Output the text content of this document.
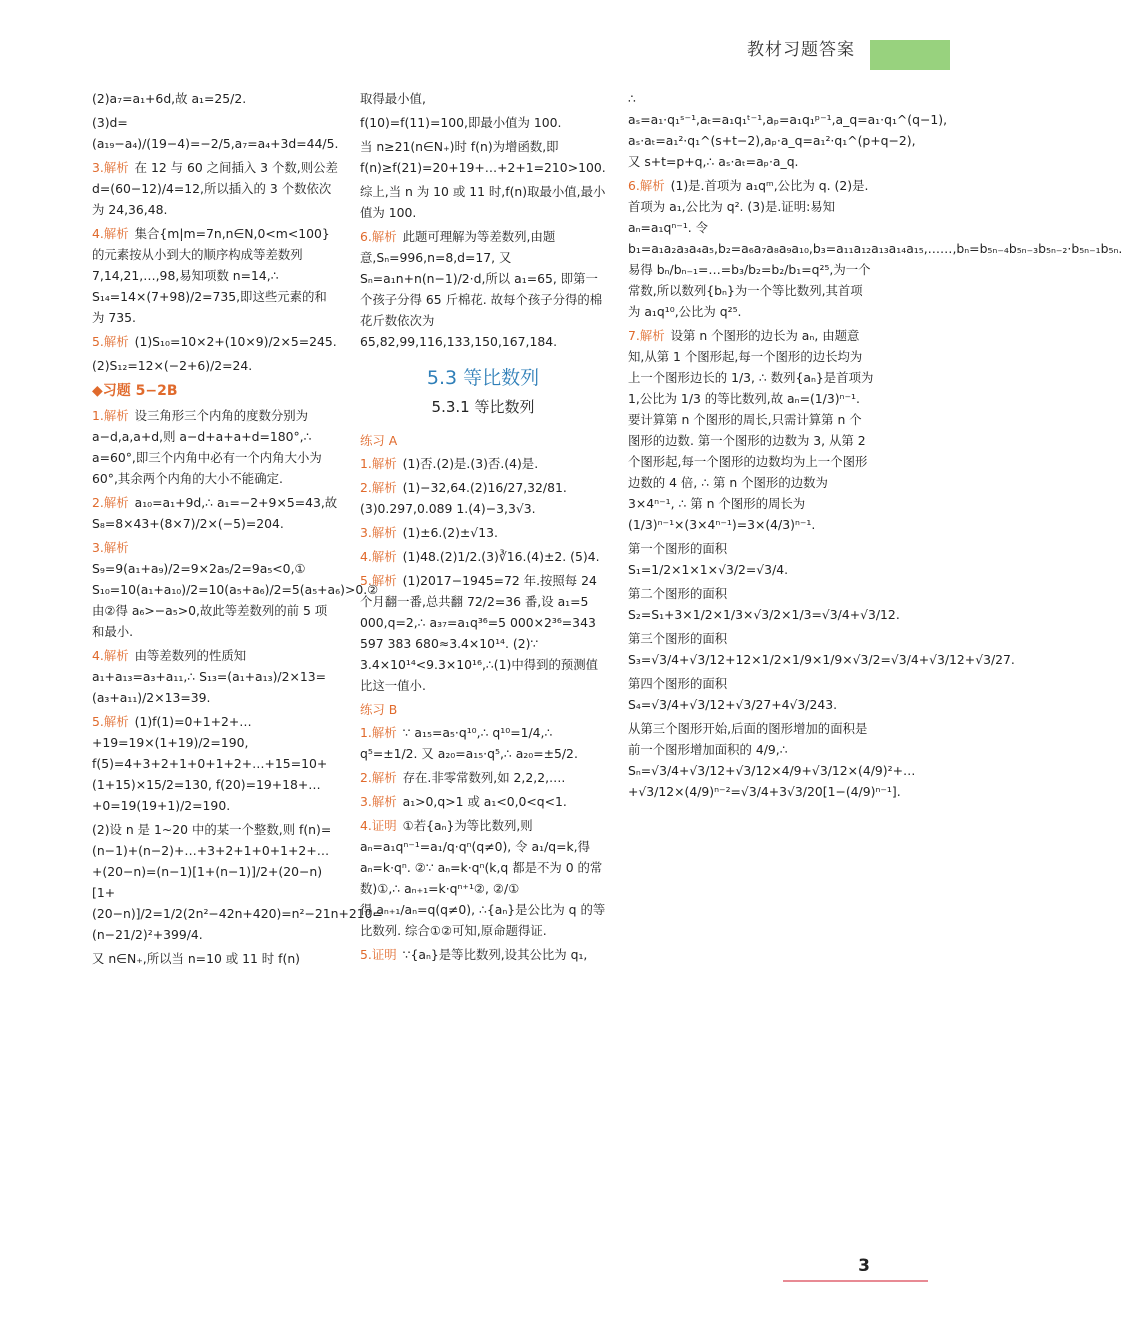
教材习题答案
(2)a₇=a₁+6d,故 a₁=25/2.
(3)d=(a₁₉−a₄)/(19−4)=−2/5,a₇=a₄+3d=44/5.
3.解析 在 12 与 60 之间插入 3 个数,则公差 d=(60−12)/4=12,所以插入的 3 个数依次为 24,36,48.
4.解析 集合{m|m=7n,n∈N,0<m<100}的元素按从小到大的顺序构成等差数列 7,14,21,…,98,易知项数 n=14,∴ S₁₄=14×(7+98)/2=735,即这些元素的和为 735.
5.解析 (1)S₁₀=10×2+(10×9)/2×5=245.
(2)S₁₂=12×(−2+6)/2=24.
◆习题 5−2B
1.解析 设三角形三个内角的度数分别为 a−d,a,a+d,则 a−d+a+a+d=180°,∴ a=60°,即三个内角中必有一个内角大小为 60°,其余两个内角的大小不能确定.
2.解析 a₁₀=a₁+9d,∴ a₁=−2+9×5=43,故 S₈=8×43+(8×7)/2×(−5)=204.
3.解析S₉=9(a₁+a₉)/2=9×2a₅/2=9a₅<0,① S₁₀=10(a₁+a₁₀)/2=10(a₅+a₆)/2=5(a₅+a₆)>0.② 由②得 a₆>−a₅>0,故此等差数列的前 5 项和最小.
4.解析 由等差数列的性质知 a₁+a₁₃=a₃+a₁₁,∴ S₁₃=(a₁+a₁₃)/2×13=(a₃+a₁₁)/2×13=39.
5.解析 (1)f(1)=0+1+2+…+19=19×(1+19)/2=190, f(5)=4+3+2+1+0+1+2+…+15=10+(1+15)×15/2=130, f(20)=19+18+…+0=19(19+1)/2=190.
(2)设 n 是 1~20 中的某一个整数,则 f(n)=(n−1)+(n−2)+…+3+2+1+0+1+2+…+(20−n)=(n−1)[1+(n−1)]/2+(20−n)[1+(20−n)]/2=1/2(2n²−42n+420)=n²−21n+210=(n−21/2)²+399/4.
又 n∈N₊,所以当 n=10 或 11 时 f(n)
取得最小值,
f(10)=f(11)=100,即最小值为 100.
当 n≥21(n∈N₊)时 f(n)为增函数,即 f(n)≥f(21)=20+19+…+2+1=210>100.
综上,当 n 为 10 或 11 时,f(n)取最小值,最小值为 100.
6.解析 此题可理解为等差数列,由题意,Sₙ=996,n=8,d=17, 又 Sₙ=a₁n+n(n−1)/2·d,所以 a₁=65, 即第一个孩子分得 65 斤棉花. 故每个孩子分得的棉花斤数依次为 65,82,99,116,133,150,167,184.
5.3 等比数列
5.3.1 等比数列
练习 A
1.解析 (1)否.(2)是.(3)否.(4)是.
2.解析 (1)−32,64.(2)16/27,32/81. (3)0.297,0.089 1.(4)−3,3√3.
3.解析 (1)±6.(2)±√13.
4.解析 (1)48.(2)1/2.(3)∛16.(4)±2. (5)4.
5.解析 (1)2017−1945=72 年.按照每 24 个月翻一番,总共翻 72/2=36 番,设 a₁=5 000,q=2,∴ a₃₇=a₁q³⁶=5 000×2³⁶=343 597 383 680≈3.4×10¹⁴. (2)∵ 3.4×10¹⁴<9.3×10¹⁶,∴(1)中得到的预测值比这一值小.
练习 B
1.解析 ∵ a₁₅=a₅·q¹⁰,∴ q¹⁰=1/4,∴ q⁵=±1/2. 又 a₂₀=a₁₅·q⁵,∴ a₂₀=±5/2.
2.解析 存在.非零常数列,如 2,2,2,….
3.解析 a₁>0,q>1 或 a₁<0,0<q<1.
4.证明 ①若{aₙ}为等比数列,则 aₙ=a₁qⁿ⁻¹=a₁/q·qⁿ(q≠0), 令 a₁/q=k,得 aₙ=k·qⁿ. ②∵ aₙ=k·qⁿ(k,q 都是不为 0 的常数)①,∴ aₙ₊₁=k·qⁿ⁺¹②, ②/①得,aₙ₊₁/aₙ=q(q≠0), ∴{aₙ}是公比为 q 的等比数列. 综合①②可知,原命题得证.
5.证明 ∵{aₙ}是等比数列,设其公比为 q₁,
∴ aₛ=a₁·q₁ˢ⁻¹,aₜ=a₁q₁ᵗ⁻¹,aₚ=a₁q₁ᵖ⁻¹,a_q=a₁·q₁^(q−1), aₛ·aₜ=a₁²·q₁^(s+t−2),aₚ·a_q=a₁²·q₁^(p+q−2), 又 s+t=p+q,∴ aₛ·aₜ=aₚ·a_q.
6.解析 (1)是.首项为 a₁qᵐ,公比为 q. (2)是.首项为 a₁,公比为 q². (3)是.证明:易知 aₙ=a₁qⁿ⁻¹. 令 b₁=a₁a₂a₃a₄a₅,b₂=a₆a₇a₈a₉a₁₀,b₃=a₁₁a₁₂a₁₃a₁₄a₁₅,……,bₙ=b₅ₙ₋₄b₅ₙ₋₃b₅ₙ₋₂·b₅ₙ₋₁b₅ₙ. 易得 bₙ/bₙ₋₁=…=b₃/b₂=b₂/b₁=q²⁵,为一个常数,所以数列{bₙ}为一个等比数列,其首项为 a₁q¹⁰,公比为 q²⁵.
7.解析 设第 n 个图形的边长为 aₙ, 由题意知,从第 1 个图形起,每一个图形的边长均为上一个图形边长的 1/3, ∴ 数列{aₙ}是首项为 1,公比为 1/3 的等比数列,故 aₙ=(1/3)ⁿ⁻¹. 要计算第 n 个图形的周长,只需计算第 n 个图形的边数. 第一个图形的边数为 3, 从第 2 个图形起,每一个图形的边数均为上一个图形边数的 4 倍, ∴ 第 n 个图形的边数为 3×4ⁿ⁻¹, ∴ 第 n 个图形的周长为 (1/3)ⁿ⁻¹×(3×4ⁿ⁻¹)=3×(4/3)ⁿ⁻¹.
第一个图形的面积 S₁=1/2×1×1×√3/2=√3/4.
第二个图形的面积 S₂=S₁+3×1/2×1/3×√3/2×1/3=√3/4+√3/12.
第三个图形的面积 S₃=√3/4+√3/12+12×1/2×1/9×1/9×√3/2=√3/4+√3/12+√3/27.
第四个图形的面积 S₄=√3/4+√3/12+√3/27+4√3/243.
从第三个图形开始,后面的图形增加的面积是前一个图形增加面积的 4/9,∴ Sₙ=√3/4+√3/12+√3/12×4/9+√3/12×(4/9)²+…+√3/12×(4/9)ⁿ⁻²=√3/4+3√3/20[1−(4/9)ⁿ⁻¹].
3
